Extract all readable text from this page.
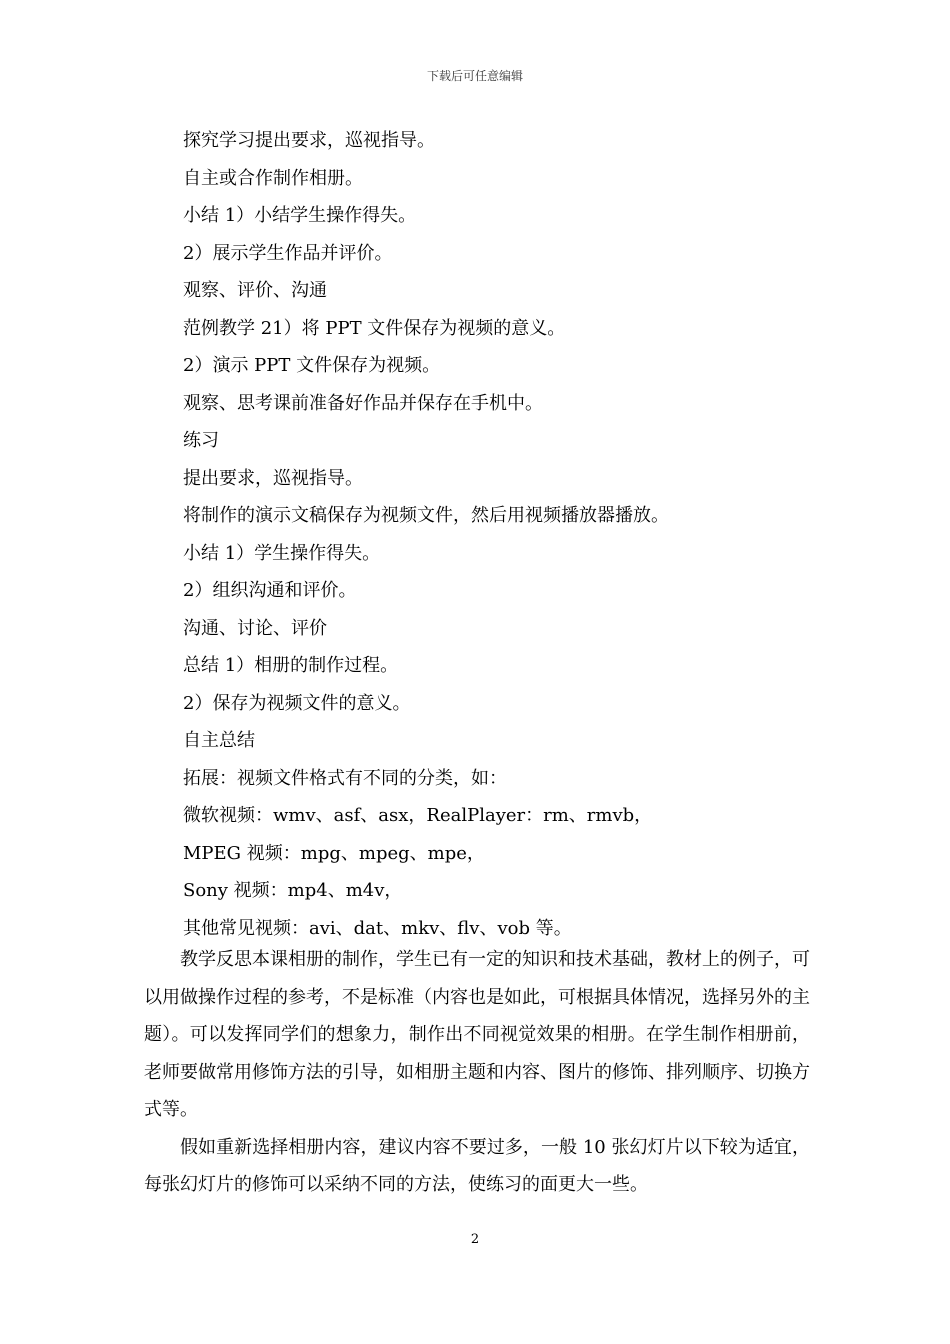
下载后可任意编辑
探究学习提出要求，巡视指导。
自主或合作制作相册。
小结 1）小结学生操作得失。
2）展示学生作品并评价。
观察、评价、沟通
范例教学 21）将 PPT 文件保存为视频的意义。
2）演示 PPT 文件保存为视频。
观察、思考课前准备好作品并保存在手机中。
练习
提出要求，巡视指导。
将制作的演示文稿保存为视频文件，然后用视频播放器播放。
小结 1）学生操作得失。
2）组织沟通和评价。
沟通、讨论、评价
总结 1）相册的制作过程。
2）保存为视频文件的意义。
自主总结
拓展：视频文件格式有不同的分类，如：
微软视频：wmv、asf、asx，RealPlayer：rm、rmvb，
MPEG 视频：mpg、mpeg、mpe，
Sony 视频：mp4、m4v，
其他常见视频：avi、dat、mkv、flv、vob 等。

教学反思本课相册的制作，学生已有一定的知识和技术基础，教材上的例子，可以用做操作过程的参考，不是标准（内容也是如此，可根据具体情况，选择另外的主题）。可以发挥同学们的想象力，制作出不同视觉效果的相册。在学生制作相册前，老师要做常用修饰方法的引导，如相册主题和内容、图片的修饰、排列顺序、切换方式等。

假如重新选择相册内容，建议内容不要过多，一般 10 张幻灯片以下较为适宜，每张幻灯片的修饰可以采纳不同的方法，使练习的面更大一些。

2
